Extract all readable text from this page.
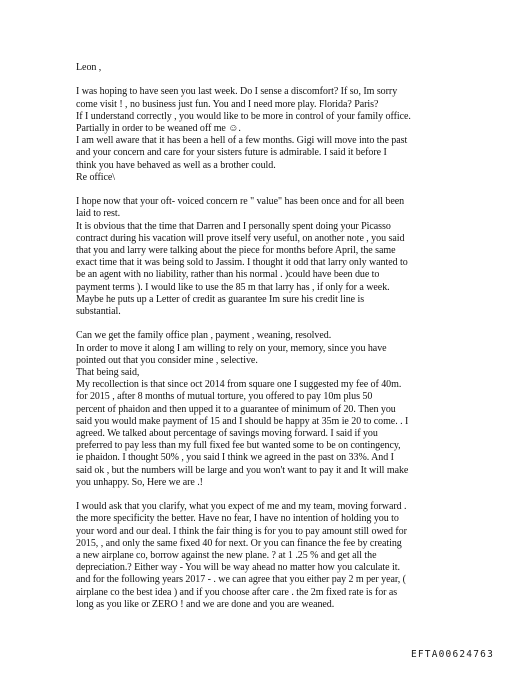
Leon ,
I was hoping to have seen you last week. Do I sense a discomfort? If so, Im sorry
come visit ! , no business just fun. You and I need more play. Florida? Paris?
If I understand correctly , you would like to be more in control of your family office.
Partially in order to be weaned off me ☺.
I am well aware that it has been a hell of a few months. Gigi will move into the past
and your concern and care for your sisters future is admirable. I said it before I
think you have behaved as well as a brother could.
Re office\
I hope now that your oft- voiced concern re " value" has been once and for all been
laid to rest.
It is obvious that the time that Darren and I personally spent doing your Picasso
contract during his vacation will prove itself very useful, on another note , you said
that you and larry were talking about the piece for months before April, the same
exact time that it was being sold to Jassim. I thought it odd that larry only wanted to
be an agent with no liability, rather than his normal . )could have been due to
payment terms ). I would like to use the 85 m that larry has , if only for a week.
Maybe he puts up a Letter of credit as guarantee Im sure his credit line is
substantial.
Can we get the family office plan , payment , weaning, resolved.
In order to move it along I am willing to rely on your, memory, since you have
pointed out that you consider mine , selective.
That being said,
My recollection is that since oct 2014 from square one I suggested my fee of 40m.
for 2015 , after 8 months of mutual torture, you offered to pay 10m plus 50
percent of phaidon and then upped it to a guarantee of minimum of 20. Then you
said you would make payment of 15 and I should be happy at 35m ie 20 to come. . I
agreed. We talked about percentage of savings moving forward. I said if you
preferred to pay less than my full fixed fee but wanted some to be on contingency,
ie phaidon. I thought 50% , you said I think we agreed in the past on 33%. And I
said ok , but the numbers will be large and you won't want to pay it and It will make
you unhappy. So, Here we are .!
I would ask that you clarify, what you expect of me and my team, moving forward .
the more specificity the better. Have no fear, I have no intention of holding you to
your word and our deal. I think the fair thing is for you to pay amount still owed for
2015, , and only the same fixed 40 for next. Or you can finance the fee by creating
a new airplane co, borrow against the new plane. ? at 1 .25 % and get all the
depreciation.? Either way - You will be way ahead no matter how you calculate it.
and for the following years 2017 - . we can agree that you either pay 2 m per year, (
airplane co the best idea ) and if you choose after care . the 2m fixed rate is for as
long as you like or ZERO ! and we are done and you are weaned.
EFTA00624763
